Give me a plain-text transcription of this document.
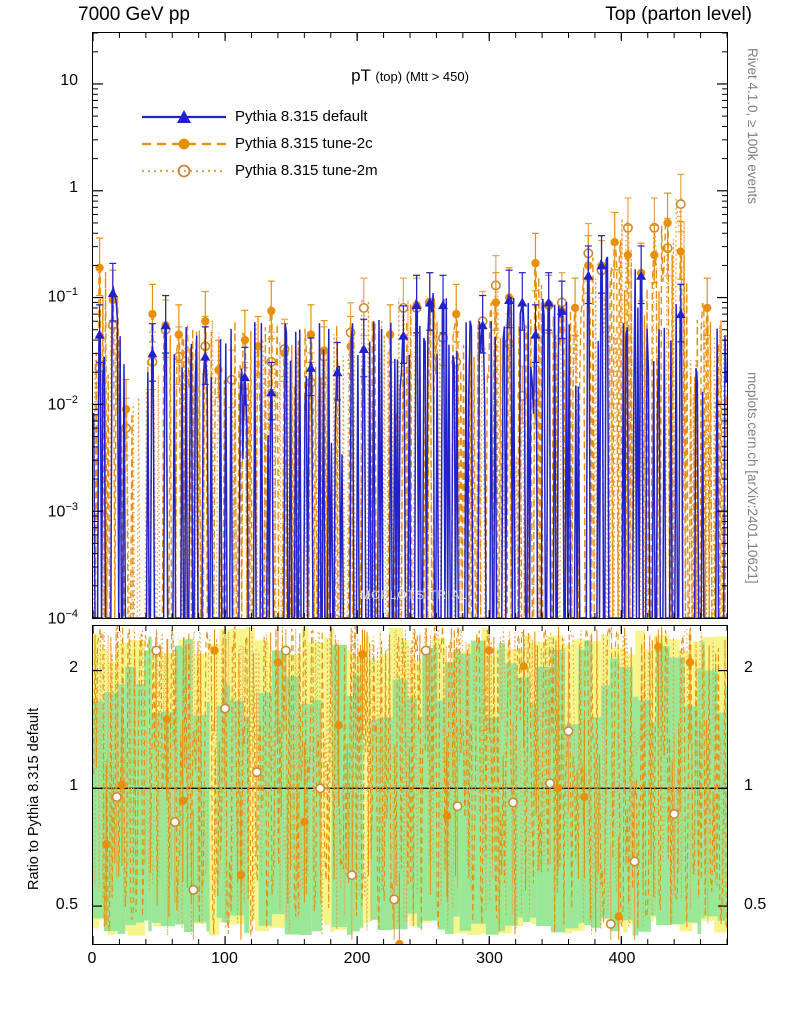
7000 GeV pp	Top (parton level)
pT (top) (Mtt > 450)
Pythia 8.315 default
Pythia 8.315 tune-2c
Pythia 8.315 tune-2m
MCPLOTS TRIAL
10
1
$10^{-1}$
$10^{-2}$
$10^{-3}$
$10^{-4}$
2
1
0.5
2
1
0.5
0	100	200	300	400
Ratio to Pythia 8.315 default
Rivet 4.1.0, ≥ 100k events
mcplots.cern.ch [arXiv:2401.10621]
